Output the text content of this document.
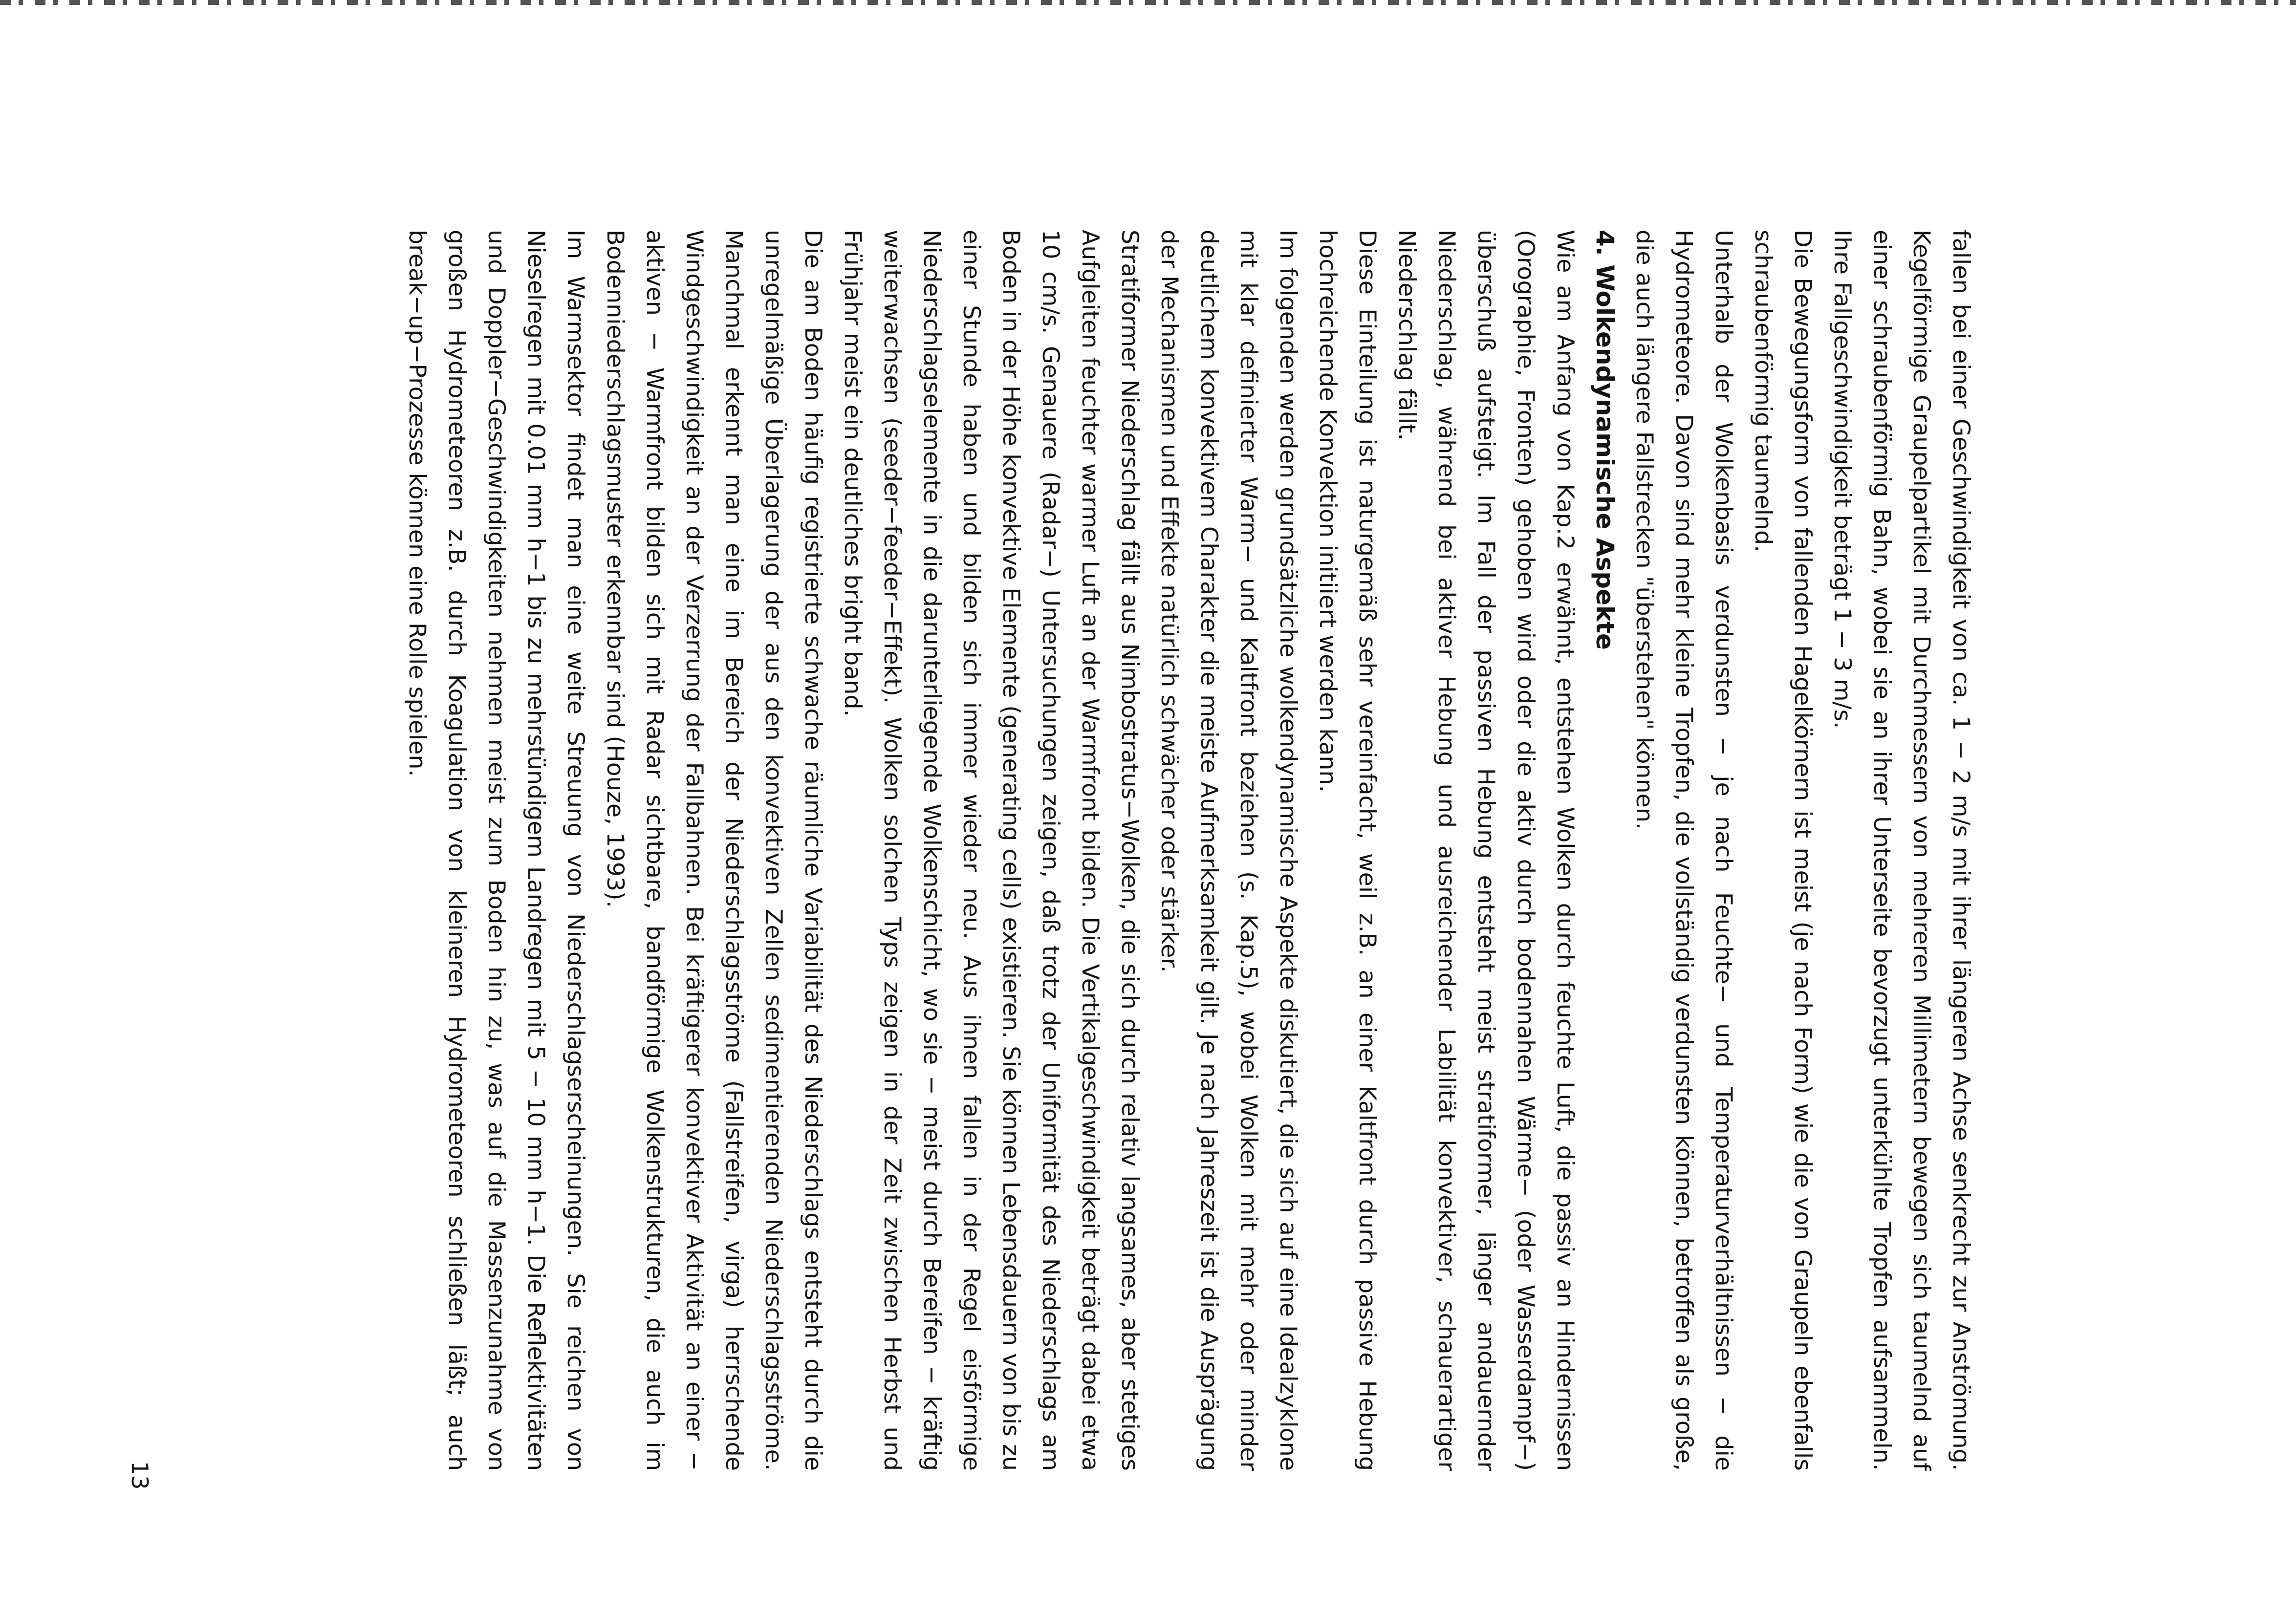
fallen bei einer Geschwindigkeit von ca. 1 − 2 m/s mit ihrer längeren Achse senkrecht zur Anströmung. Kegelförmige Graupelpartikel mit Durchmessern von mehreren Millimetern bewegen sich taumelnd auf einer schraubenförmig Bahn, wobei sie an ihrer Unterseite bevorzugt unterkühlte Tropfen aufsammeln. Ihre Fallgeschwindigkeit beträgt 1 − 3 m/s.

Die Bewegungsform von fallenden Hagelkörnern ist meist (je nach Form) wie die von Graupeln ebenfalls schraubenförmig taumelnd.

Unterhalb der Wolkenbasis verdunsten − je nach Feuchte− und Temperaturverhältnissen − die Hydrometeore. Davon sind mehr kleine Tropfen, die vollständig verdunsten können, betroffen als große, die auch längere Fallstrecken "überstehen" können.

4. Wolkendynamische Aspekte

Wie am Anfang von Kap.2 erwähnt, entstehen Wolken durch feuchte Luft, die passiv an Hindernissen (Orographie, Fronten) gehoben wird oder die aktiv durch bodennahen Wärme− (oder Wasserdampf−) überschuß aufsteigt. Im Fall der passiven Hebung entsteht meist stratiformer, länger andauernder Niederschlag, während bei aktiver Hebung und ausreichender Labilität konvektiver, schauerartiger Niederschlag fällt.

Diese Einteilung ist naturgemäß sehr vereinfacht, weil z.B. an einer Kaltfront durch passive Hebung hochreichende Konvektion initiiert werden kann.

Im folgenden werden grundsätzliche wolkendynamische Aspekte diskutiert, die sich auf eine Idealzyklone mit klar definierter Warm− und Kaltfront beziehen (s. Kap.5), wobei Wolken mit mehr oder minder deutlichem konvektivem Charakter die meiste Aufmerksamkeit gilt. Je nach Jahreszeit ist die Ausprägung der Mechanismen und Effekte natürlich schwächer oder stärker.

Stratiformer Niederschlag fällt aus Nimbostratus−Wolken, die sich durch relativ langsames, aber stetiges Aufgleiten feuchter warmer Luft an der Warmfront bilden. Die Vertikalgeschwindigkeit beträgt dabei etwa 10 cm/s. Genauere (Radar−) Untersuchungen zeigen, daß trotz der Uniformität des Niederschlags am Boden in der Höhe konvektive Elemente (generating cells) existieren. Sie können Lebensdauern von bis zu einer Stunde haben und bilden sich immer wieder neu. Aus ihnen fallen in der Regel eisförmige Niederschlagselemente in die darunterliegende Wolkenschicht, wo sie − meist durch Bereifen − kräftig weiterwachsen (seeder−feeder−Effekt). Wolken solchen Typs zeigen in der Zeit zwischen Herbst und Frühjahr meist ein deutliches bright band.

Die am Boden häufig registrierte schwache räumliche Variabilität des Niederschlags entsteht durch die unregelmäßige Überlagerung der aus den konvektiven Zellen sedimentierenden Niederschlagsströme. Manchmal erkennt man eine im Bereich der Niederschlagsströme (Fallstreifen, virga) herrschende Windgeschwindigkeit an der Verzerrung der Fallbahnen. Bei kräftigerer konvektiver Aktivität an einer − aktiven − Warmfront bilden sich mit Radar sichtbare, bandförmige Wolkenstrukturen, die auch im Bodenniederschlagsmuster erkennbar sind (Houze, 1993).

Im Warmsektor findet man eine weite Streuung von Niederschlagserscheinungen. Sie reichen von Nieselregen mit 0.01 mm h−1 bis zu mehrstündigem Landregen mit 5 − 10 mm h−1. Die Reflektivitäten und Doppler−Geschwindigkeiten nehmen meist zum Boden hin zu, was auf die Massenzunahme von großen Hydrometeoren z.B. durch Koagulation von kleineren Hydrometeoren schließen läßt; auch break−up−Prozesse können eine Rolle spielen.

13
